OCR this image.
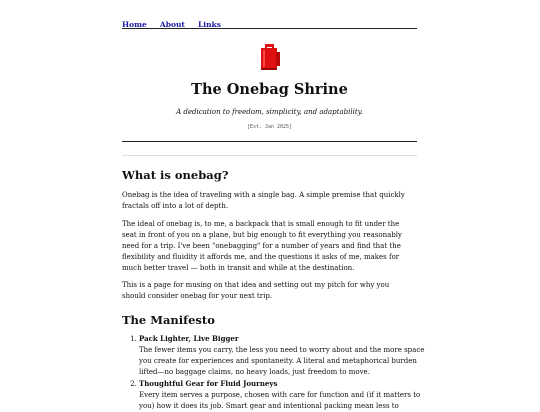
Home About Links
The Onebag Shrine

A dedication to freedom, simplicity, and adaptability.

[Est. Jan 2025]

What is onebag?

Onebag is the idea of traveling with a single bag. A simple premise that quickly fractals off into a lot of depth.

The ideal of onebag is, to me, a backpack that is small enough to fit under the seat in front of you on a plane, but big enough to fit everything you reasonably need for a trip. I've been "onebagging" for a number of years and find that the flexibility and fluidity it affords me, and the questions it asks of me, makes for much better travel — both in transit and while at the destination.

This is a page for musing on that idea and setting out my pitch for why you should consider onebag for your next trip.

The Manifesto
1. Pack Lighter, Live Bigger
The fewer items you carry, the less you need to worry about and the more space you create for experiences and spontaneity. A literal and metaphorical burden lifted—no baggage claims, no heavy loads, just freedom to move.
2. Thoughtful Gear for Fluid Journeys
Every item serves a purpose, chosen with care for function and (if it matters to you) how it does its job. Smart gear and intentional packing mean less to
